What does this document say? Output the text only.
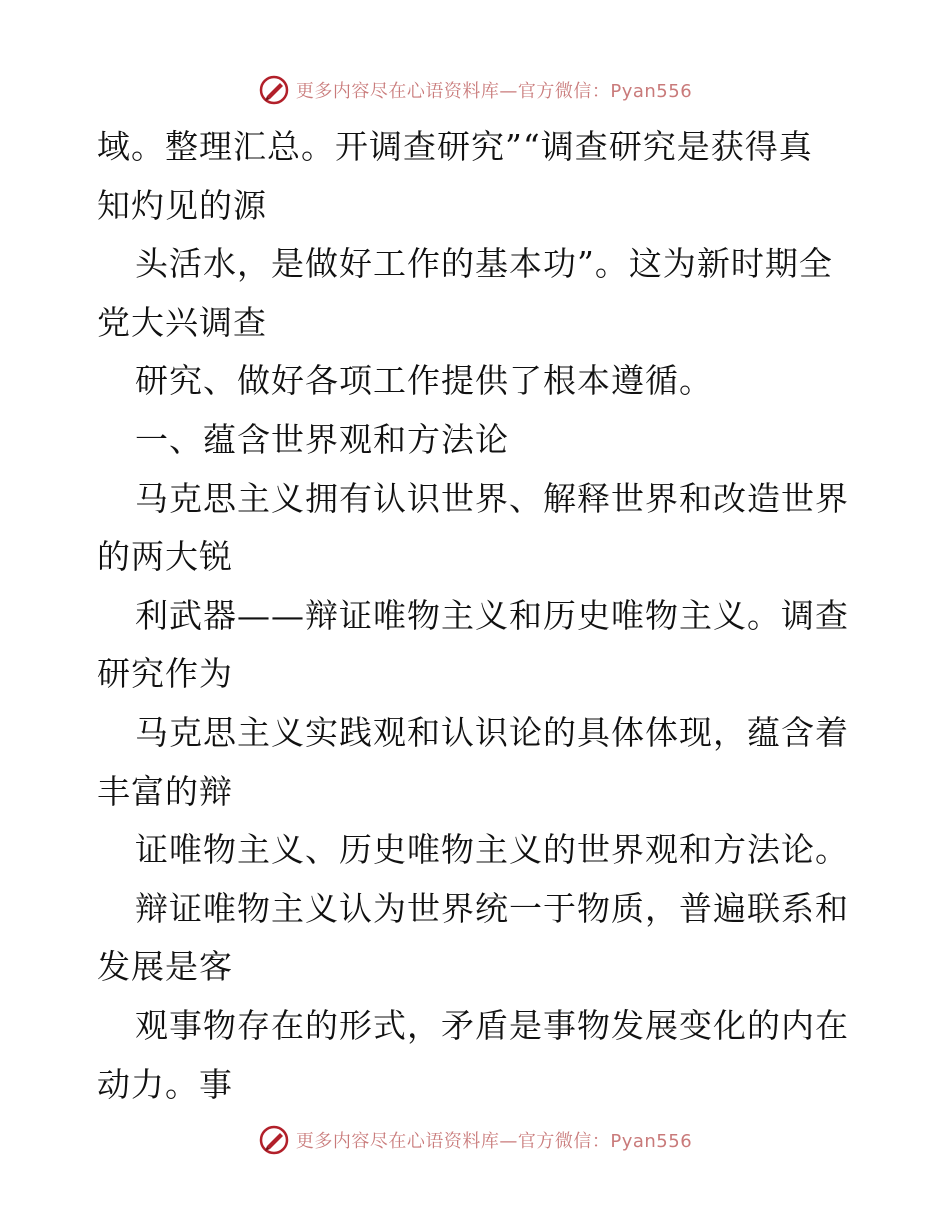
更多内容尽在心语资料库—官方微信：Pyan556
域。整理汇总。开调查研究”“调查研究是获得真
知灼见的源
头活水，是做好工作的基本功”。这为新时期全
党大兴调查
研究、做好各项工作提供了根本遵循。
一、蕴含世界观和方法论
马克思主义拥有认识世界、解释世界和改造世界
的两大锐
利武器——辩证唯物主义和历史唯物主义。调查
研究作为
马克思主义实践观和认识论的具体体现，蕴含着
丰富的辩
证唯物主义、历史唯物主义的世界观和方法论。
辩证唯物主义认为世界统一于物质，普遍联系和
发展是客
观事物存在的形式，矛盾是事物发展变化的内在
动力。事
更多内容尽在心语资料库—官方微信：Pyan556
